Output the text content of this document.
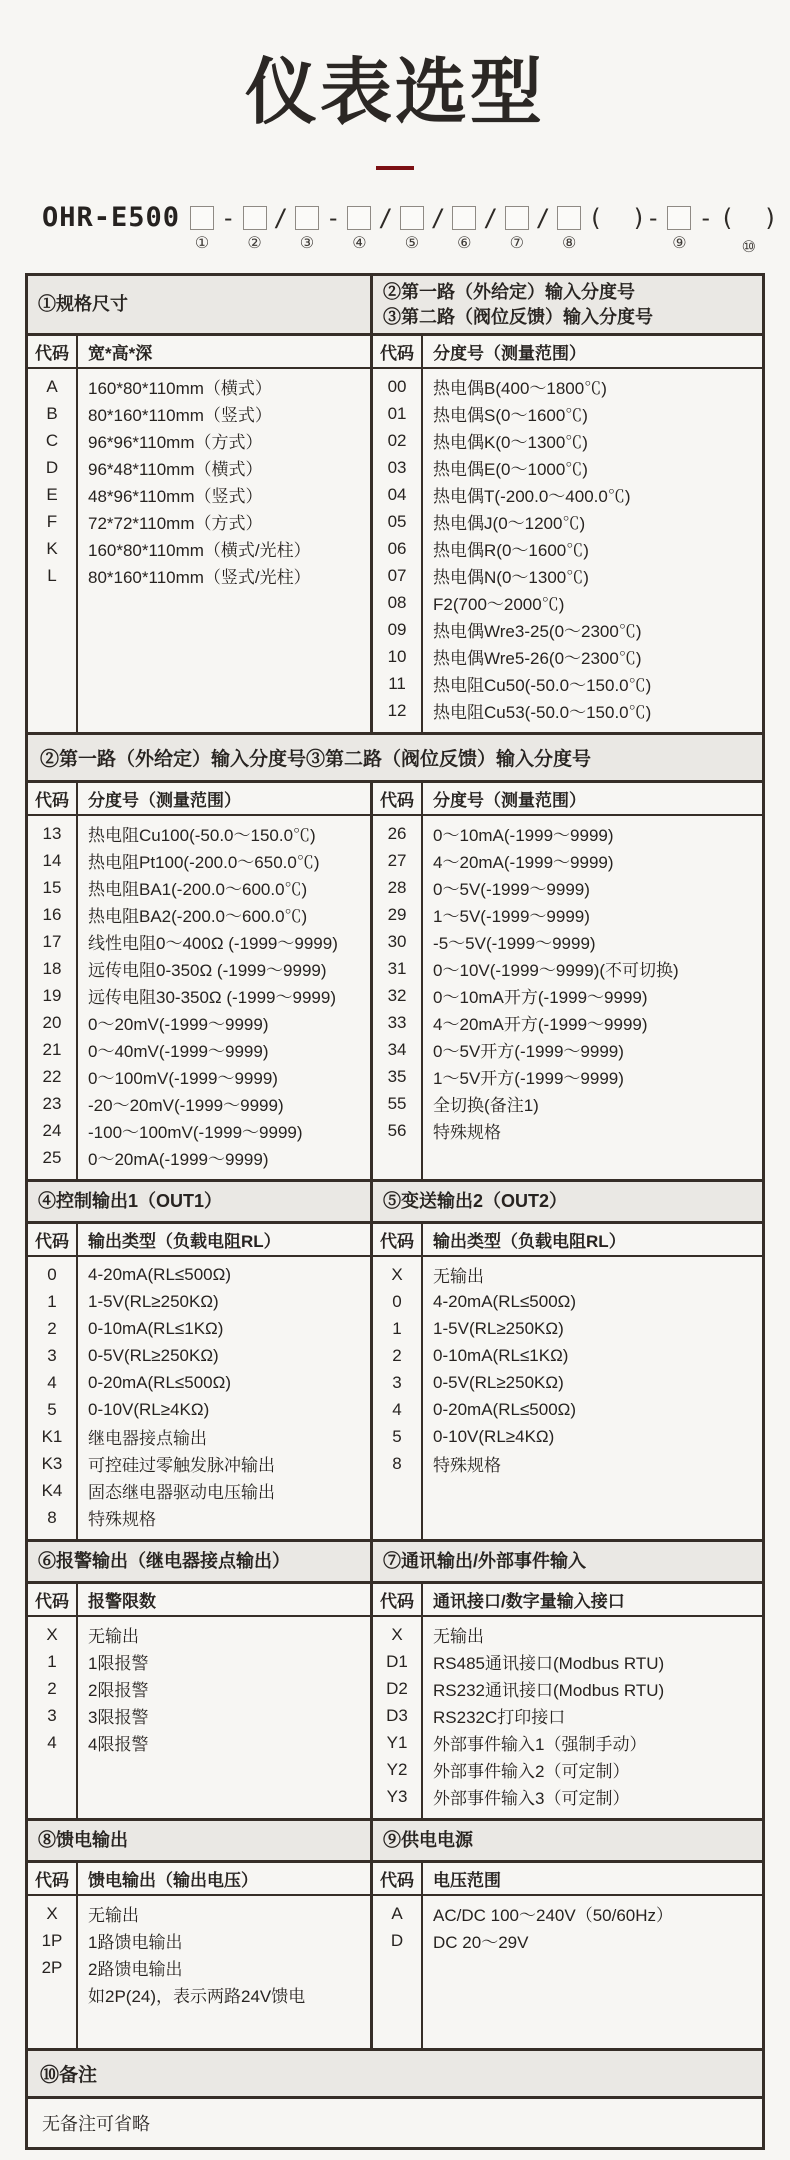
仪表选型
OHR-E500
①
-
②
/
③
-
④
/
⑤
/
⑥
/
⑦
/
⑧
(  )-
⑨
- (  )
⑩
①规格尺寸
代码	宽*高*深
A	160*80*110mm（横式）
B	80*160*110mm（竖式）
C	96*96*110mm（方式）
D	96*48*110mm（横式）
E	48*96*110mm（竖式）
F	72*72*110mm（方式）
K	160*80*110mm（横式/光柱）
L	80*160*110mm（竖式/光柱）
②第一路（外给定）输入分度号
③第二路（阀位反馈）输入分度号
代码	分度号（测量范围）
00	热电偶B(400～1800℃)
01	热电偶S(0～1600℃)
02	热电偶K(0～1300℃)
03	热电偶E(0～1000℃)
04	热电偶T(-200.0～400.0℃)
05	热电偶J(0～1200℃)
06	热电偶R(0～1600℃)
07	热电偶N(0～1300℃)
08	F2(700～2000℃)
09	热电偶Wre3-25(0～2300℃)
10	热电偶Wre5-26(0～2300℃)
11	热电阻Cu50(-50.0～150.0℃)
12	热电阻Cu53(-50.0～150.0℃)
②第一路（外给定）输入分度号③第二路（阀位反馈）输入分度号
代码	分度号（测量范围）
13	热电阻Cu100(-50.0～150.0℃)
14	热电阻Pt100(-200.0～650.0℃)
15	热电阻BA1(-200.0～600.0℃)
16	热电阻BA2(-200.0～600.0℃)
17	线性电阻0～400Ω (-1999～9999)
18	远传电阻0-350Ω (-1999～9999)
19	远传电阻30-350Ω (-1999～9999)
20	0～20mV(-1999～9999)
21	0～40mV(-1999～9999)
22	0～100mV(-1999～9999)
23	-20～20mV(-1999～9999)
24	-100～100mV(-1999～9999)
25	0～20mA(-1999～9999)
代码	分度号（测量范围）
26	0～10mA(-1999～9999)
27	4～20mA(-1999～9999)
28	0～5V(-1999～9999)
29	1～5V(-1999～9999)
30	-5～5V(-1999～9999)
31	0～10V(-1999～9999)(不可切换)
32	0～10mA开方(-1999～9999)
33	4～20mA开方(-1999～9999)
34	0～5V开方(-1999～9999)
35	1～5V开方(-1999～9999)
55	全切换(备注1)
56	特殊规格
④控制输出1（OUT1）
代码	输出类型（负载电阻RL）
0	4-20mA(RL≤500Ω)
1	1-5V(RL≥250KΩ)
2	0-10mA(RL≤1KΩ)
3	0-5V(RL≥250KΩ)
4	0-20mA(RL≤500Ω)
5	0-10V(RL≥4KΩ)
K1	继电器接点输出
K3	可控硅过零触发脉冲输出
K4	固态继电器驱动电压输出
8	特殊规格
⑤变送输出2（OUT2）
代码	输出类型（负载电阻RL）
X	无输出
0	4-20mA(RL≤500Ω)
1	1-5V(RL≥250KΩ)
2	0-10mA(RL≤1KΩ)
3	0-5V(RL≥250KΩ)
4	0-20mA(RL≤500Ω)
5	0-10V(RL≥4KΩ)
8	特殊规格
⑥报警输出（继电器接点输出）
代码	报警限数
X	无输出
1	1限报警
2	2限报警
3	3限报警
4	4限报警
⑦通讯输出/外部事件输入
代码	通讯接口/数字量输入接口
X	无输出
D1	RS485通讯接口(Modbus RTU)
D2	RS232通讯接口(Modbus RTU)
D3	RS232C打印接口
Y1	外部事件输入1（强制手动）
Y2	外部事件输入2（可定制）
Y3	外部事件输入3（可定制）
⑧馈电输出
代码	馈电输出（输出电压）
X	无输出
1P	1路馈电输出
2P	2路馈电输出
如2P(24)，表示两路24V馈电
⑨供电电源
代码	电压范围
A	AC/DC 100～240V（50/60Hz）
D	DC 20～29V
⑩备注
无备注可省略
